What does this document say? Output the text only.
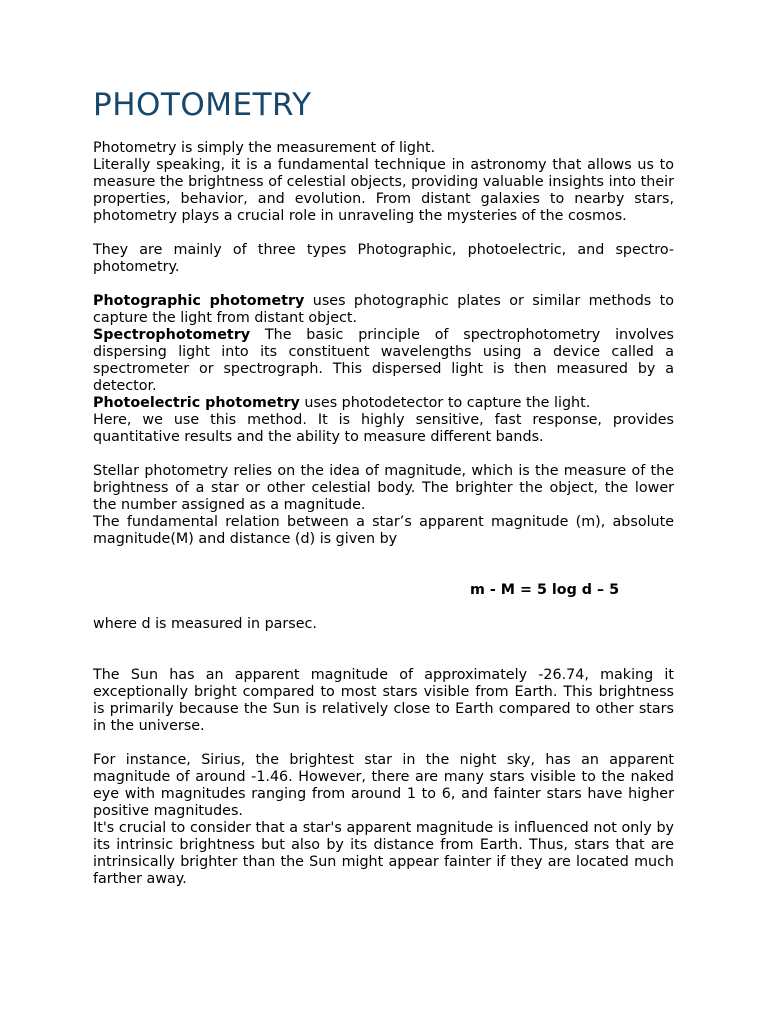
PHOTOMETRY

Photometry is simply the measurement of light.

Literally speaking, it is a fundamental technique in astronomy that allows us to measure the brightness of celestial objects, providing valuable insights into their properties, behavior, and evolution. From distant galaxies to nearby stars, photometry plays a crucial role in unraveling the mysteries of the cosmos.

They are mainly of three types Photographic, photoelectric, and spectro-photometry.

Photographic photometry uses photographic plates or similar methods to capture the light from distant object.

Spectrophotometry The basic principle of spectrophotometry involves dispersing light into its constituent wavelengths using a device called a spectrometer or spectrograph. This dispersed light is then measured by a detector.

Photoelectric photometry uses photodetector to capture the light.

Here, we use this method. It is highly sensitive, fast response, provides quantitative results and the ability to measure different bands.

Stellar photometry relies on the idea of magnitude, which is the measure of the brightness of a star or other celestial body. The brighter the object, the lower the number assigned as a magnitude.

The fundamental relation between a star’s apparent magnitude (m), absolute magnitude(M) and distance (d) is given by

m - M = 5 log d – 5

where d is measured in parsec.

The Sun has an apparent magnitude of approximately -26.74, making it exceptionally bright compared to most stars visible from Earth. This brightness is primarily because the Sun is relatively close to Earth compared to other stars in the universe.

For instance, Sirius, the brightest star in the night sky, has an apparent magnitude of around -1.46. However, there are many stars visible to the naked eye with magnitudes ranging from around 1 to 6, and fainter stars have higher positive magnitudes.

It's crucial to consider that a star's apparent magnitude is influenced not only by its intrinsic brightness but also by its distance from Earth. Thus, stars that are intrinsically brighter than the Sun might appear fainter if they are located much farther away.
